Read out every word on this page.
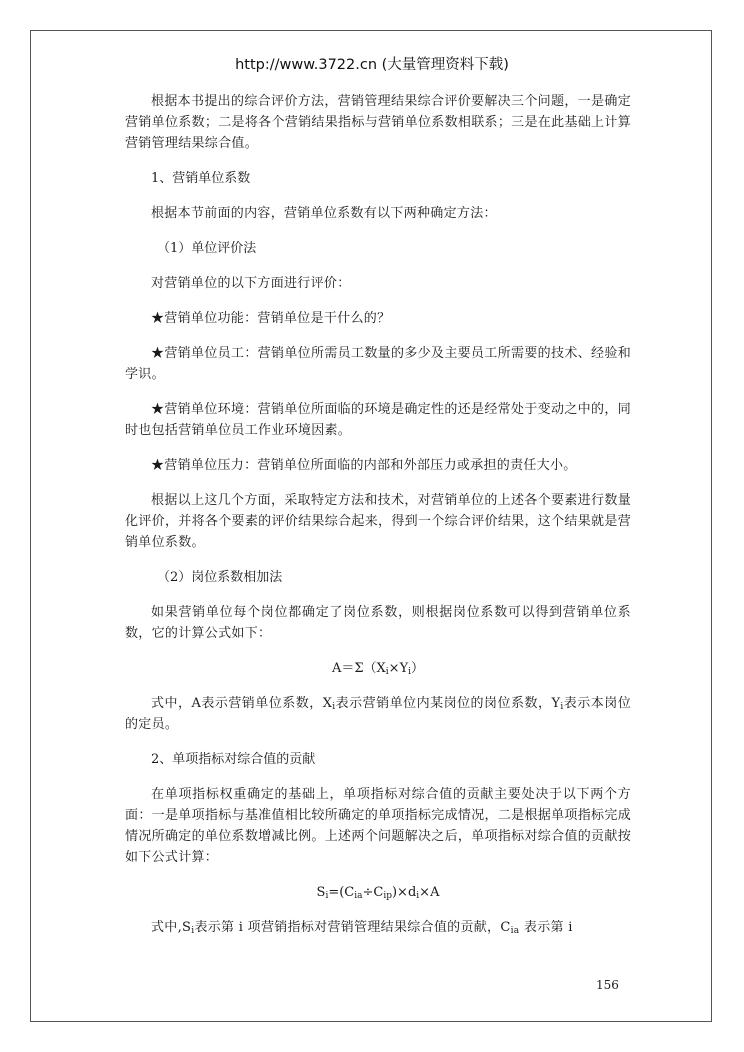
http://www.3722.cn (大量管理资料下载)

根据本书提出的综合评价方法，营销管理结果综合评价要解决三个问题，一是确定营销单位系数；二是将各个营销结果指标与营销单位系数相联系；三是在此基础上计算营销管理结果综合值。

1、营销单位系数

根据本节前面的内容，营销单位系数有以下两种确定方法：

（1）单位评价法

对营销单位的以下方面进行评价：

★营销单位功能：营销单位是干什么的？

★营销单位员工：营销单位所需员工数量的多少及主要员工所需要的技术、经验和学识。

★营销单位环境：营销单位所面临的环境是确定性的还是经常处于变动之中的，同时也包括营销单位员工作业环境因素。

★营销单位压力：营销单位所面临的内部和外部压力或承担的责任大小。

根据以上这几个方面，采取特定方法和技术，对营销单位的上述各个要素进行数量化评价，并将各个要素的评价结果综合起来，得到一个综合评价结果，这个结果就是营销单位系数。

（2）岗位系数相加法

如果营销单位每个岗位都确定了岗位系数，则根据岗位系数可以得到营销单位系数，它的计算公式如下：

$A=\Sigma(X_i\times Y_i)$

式中，A表示营销单位系数，$X_i$表示营销单位内某岗位的岗位系数，$Y_i$表示本岗位的定员。

2、单项指标对综合值的贡献

在单项指标权重确定的基础上，单项指标对综合值的贡献主要处决于以下两个方面：一是单项指标与基准值相比较所确定的单项指标完成情况，二是根据单项指标完成情况所确定的单位系数增减比例。上述两个问题解决之后，单项指标对综合值的贡献按如下公式计算：

$S_i=(C_{ia}\div C_{ip})\times d_i\times A$

式中$,S_i$表示第 i 项营销指标对营销管理结果综合值的贡献，$C_{ia}$ 表示第 i

156
